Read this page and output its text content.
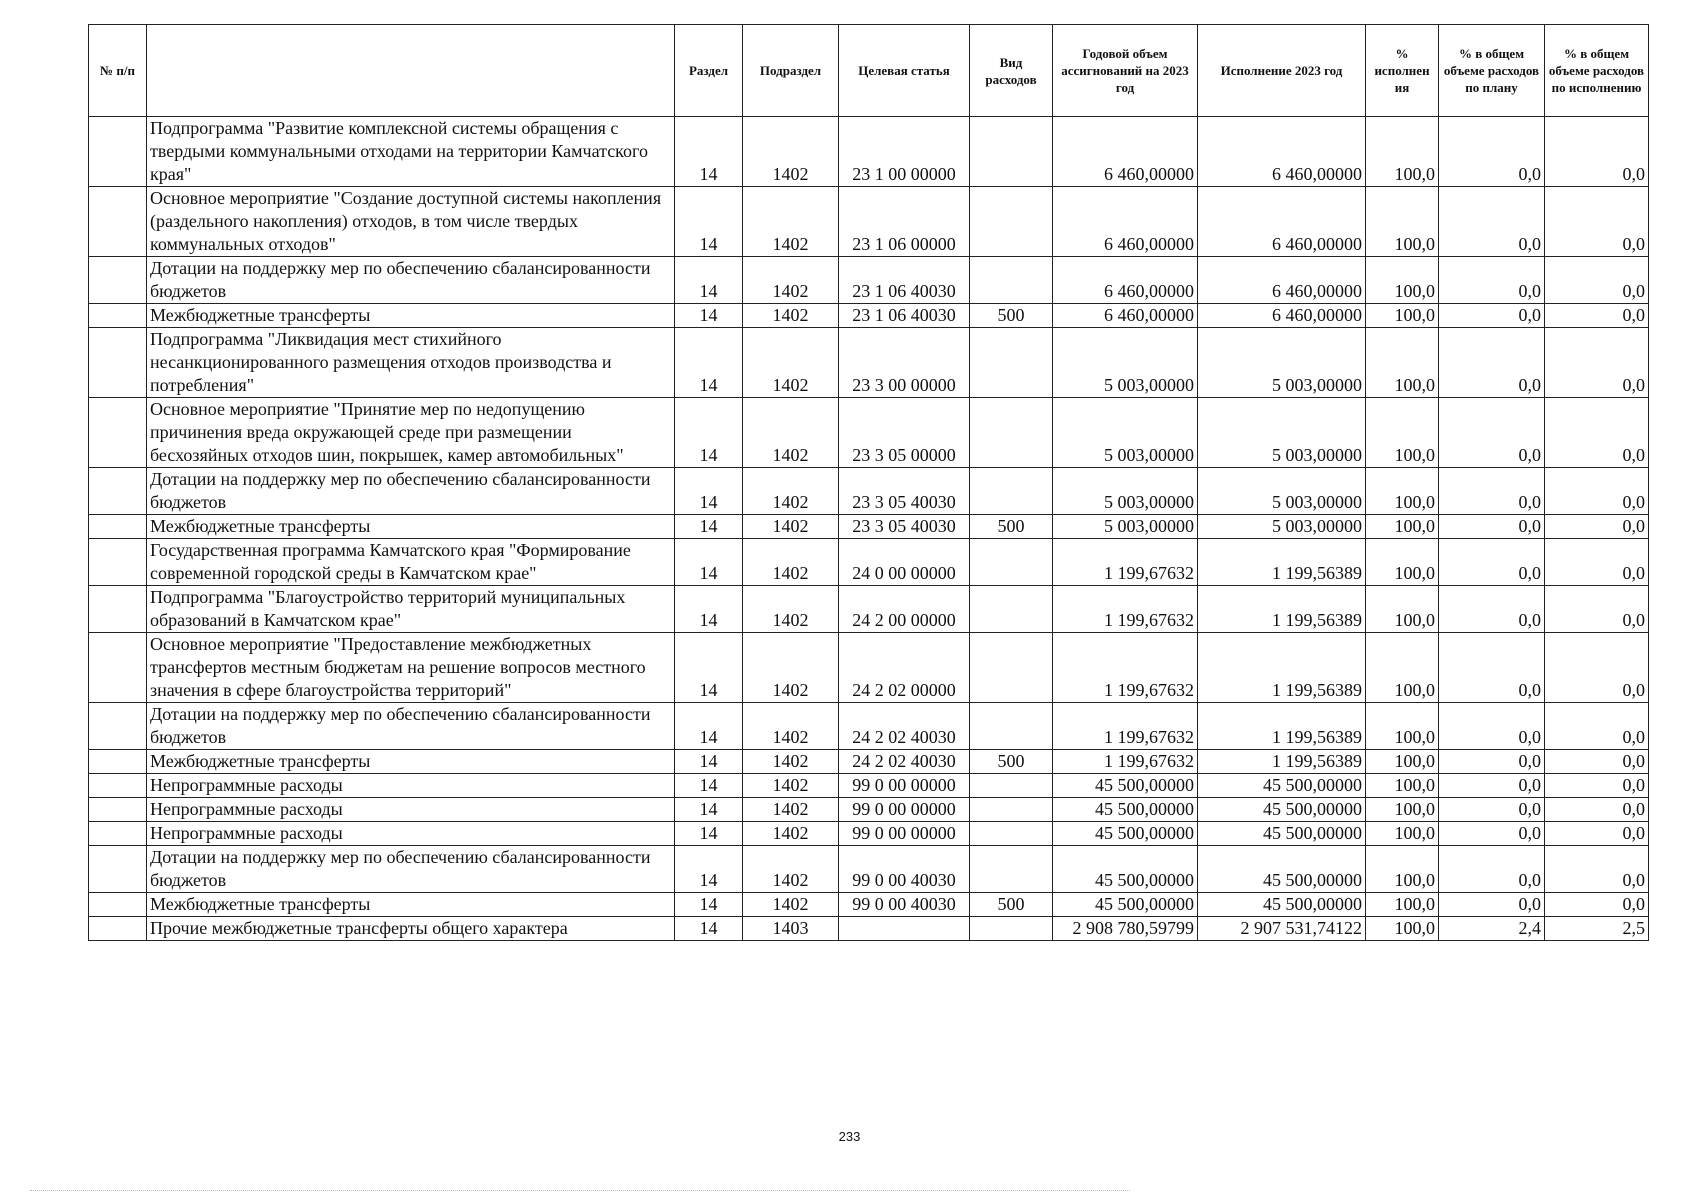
№ п/п		Раздел	Подраздел	Целевая статья	Вид расходов	Годовой объем ассигнований на 2023 год	Исполнение 2023 год	% исполнен ия	% в общем объеме расходов по плану	% в общем объеме расходов по исполнению
	Подпрограмма "Развитие комплексной системы обращения с твердыми коммунальными отходами на территории Камчатского края"	14	1402	23 1 00 00000		6 460,00000	6 460,00000	100,0	0,0	0,0
	Основное мероприятие "Создание доступной системы накопления (раздельного накопления) отходов, в том числе твердых коммунальных отходов"	14	1402	23 1 06 00000		6 460,00000	6 460,00000	100,0	0,0	0,0
	Дотации на поддержку мер по обеспечению сбалансированности бюджетов	14	1402	23 1 06 40030		6 460,00000	6 460,00000	100,0	0,0	0,0
	Межбюджетные трансферты	14	1402	23 1 06 40030	500	6 460,00000	6 460,00000	100,0	0,0	0,0
	Подпрограмма "Ликвидация мест стихийного несанкционированного размещения отходов производства и потребления"	14	1402	23 3 00 00000		5 003,00000	5 003,00000	100,0	0,0	0,0
	Основное мероприятие "Принятие мер по недопущению причинения вреда окружающей среде при размещении бесхозяйных отходов шин, покрышек, камер автомобильных"	14	1402	23 3 05 00000		5 003,00000	5 003,00000	100,0	0,0	0,0
	Дотации на поддержку мер по обеспечению сбалансированности бюджетов	14	1402	23 3 05 40030		5 003,00000	5 003,00000	100,0	0,0	0,0
	Межбюджетные трансферты	14	1402	23 3 05 40030	500	5 003,00000	5 003,00000	100,0	0,0	0,0
	Государственная программа Камчатского края "Формирование современной городской среды в Камчатском крае"	14	1402	24 0 00 00000		1 199,67632	1 199,56389	100,0	0,0	0,0
	Подпрограмма "Благоустройство территорий муниципальных образований в Камчатском крае"	14	1402	24 2 00 00000		1 199,67632	1 199,56389	100,0	0,0	0,0
	Основное мероприятие "Предоставление межбюджетных трансфертов местным бюджетам на решение вопросов местного значения в сфере благоустройства территорий"	14	1402	24 2 02 00000		1 199,67632	1 199,56389	100,0	0,0	0,0
	Дотации на поддержку мер по обеспечению сбалансированности бюджетов	14	1402	24 2 02 40030		1 199,67632	1 199,56389	100,0	0,0	0,0
	Межбюджетные трансферты	14	1402	24 2 02 40030	500	1 199,67632	1 199,56389	100,0	0,0	0,0
	Непрограммные расходы	14	1402	99 0 00 00000		45 500,00000	45 500,00000	100,0	0,0	0,0
	Непрограммные расходы	14	1402	99 0 00 00000		45 500,00000	45 500,00000	100,0	0,0	0,0
	Непрограммные расходы	14	1402	99 0 00 00000		45 500,00000	45 500,00000	100,0	0,0	0,0
	Дотации на поддержку мер по обеспечению сбалансированности бюджетов	14	1402	99 0 00 40030		45 500,00000	45 500,00000	100,0	0,0	0,0
	Межбюджетные трансферты	14	1402	99 0 00 40030	500	45 500,00000	45 500,00000	100,0	0,0	0,0
	Прочие межбюджетные трансферты общего характера	14	1403			2 908 780,59799	2 907 531,74122	100,0	2,4	2,5
233
